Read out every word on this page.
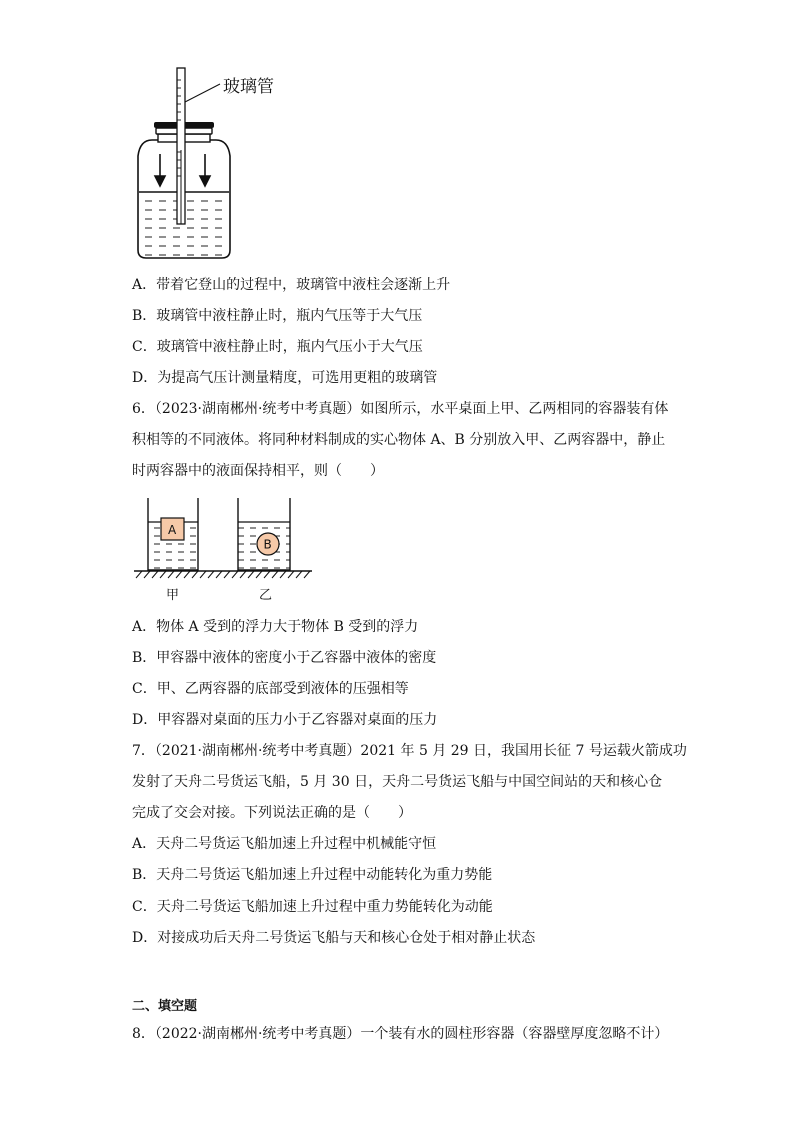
玻璃管
A．带着它登山的过程中，玻璃管中液柱会逐渐上升
B．玻璃管中液柱静止时，瓶内气压等于大气压
C．玻璃管中液柱静止时，瓶内气压小于大气压
D．为提高气压计测量精度，可选用更粗的玻璃管
6．（2023·湖南郴州·统考中考真题）如图所示，水平桌面上甲、乙两相同的容器装有体
积相等的不同液体。将同种材料制成的实心物体 A、B 分别放入甲、乙两容器中，静止
时两容器中的液面保持相平，则（　　）
A
B
甲	乙
A．物体 A 受到的浮力大于物体 B 受到的浮力
B．甲容器中液体的密度小于乙容器中液体的密度
C．甲、乙两容器的底部受到液体的压强相等
D．甲容器对桌面的压力小于乙容器对桌面的压力
7．（2021·湖南郴州·统考中考真题）2021 年 5 月 29 日，我国用长征 7 号运载火箭成功
发射了天舟二号货运飞船，5 月 30 日，天舟二号货运飞船与中国空间站的天和核心仓
完成了交会对接。下列说法正确的是（　　）
A．天舟二号货运飞船加速上升过程中机械能守恒
B．天舟二号货运飞船加速上升过程中动能转化为重力势能
C．天舟二号货运飞船加速上升过程中重力势能转化为动能
D．对接成功后天舟二号货运飞船与天和核心仓处于相对静止状态
二、填空题
8．（2022·湖南郴州·统考中考真题）一个装有水的圆柱形容器（容器壁厚度忽略不计）
